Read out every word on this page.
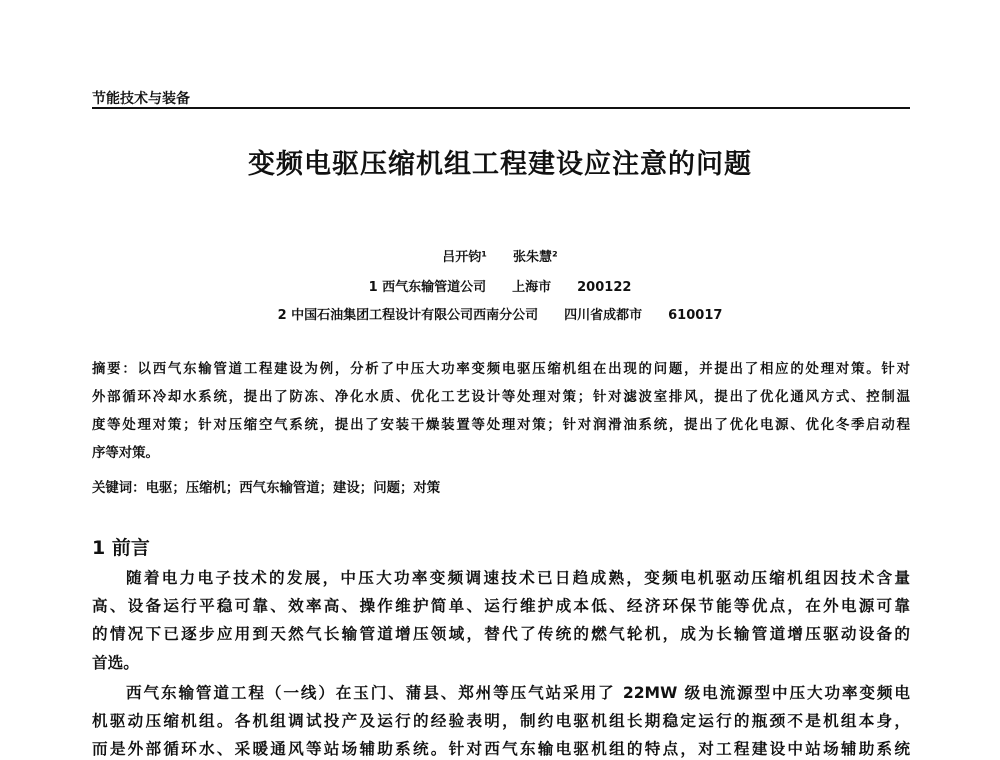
节能技术与装备
变频电驱压缩机组工程建设应注意的问题
吕开钧¹　　张朱慧²
1 西气东输管道公司　　上海市　　200122
2 中国石油集团工程设计有限公司西南分公司　　四川省成都市　　610017
摘要：以西气东输管道工程建设为例，分析了中压大功率变频电驱压缩机组在出现的问题，并提出了相应的处理对策。针对
外部循环冷却水系统，提出了防冻、净化水质、优化工艺设计等处理对策；针对滤波室排风，提出了优化通风方式、控制温
度等处理对策；针对压缩空气系统，提出了安装干燥装置等处理对策；针对润滑油系统，提出了优化电源、优化冬季启动程
序等对策。
关键词：电驱；压缩机；西气东输管道；建设；问题；对策
1 前言
随着电力电子技术的发展，中压大功率变频调速技术已日趋成熟，变频电机驱动压缩机组因技术含量
高、设备运行平稳可靠、效率高、操作维护简单、运行维护成本低、经济环保节能等优点，在外电源可靠
的情况下已逐步应用到天然气长输管道增压领域，替代了传统的燃气轮机，成为长输管道增压驱动设备的
首选。
西气东输管道工程（一线）在玉门、蒲县、郑州等压气站采用了 22MW 级电流源型中压大功率变频电
机驱动压缩机组。各机组调试投产及运行的经验表明，制约电驱机组长期稳定运行的瓶颈不是机组本身，
而是外部循环水、采暖通风等站场辅助系统。针对西气东输电驱机组的特点，对工程建设中站场辅助系统
